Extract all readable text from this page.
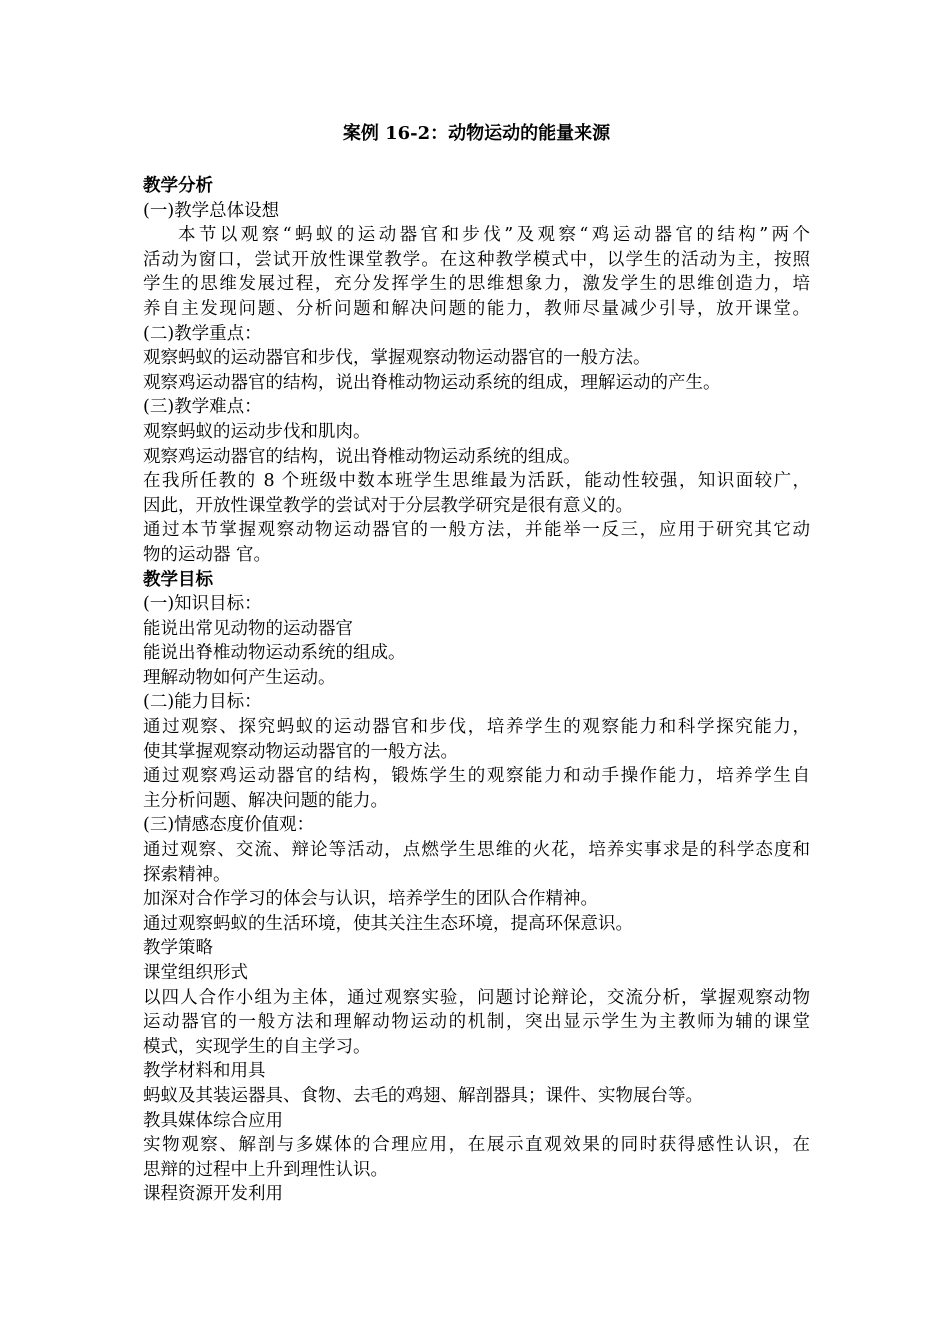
案例 16-2：动物运动的能量来源
教学分析
(一)教学总体设想
本节以观察“蚂蚁的运动器官和步伐”及观察“鸡运动器官的结构”两个
活动为窗口，尝试开放性课堂教学。在这种教学模式中，以学生的活动为主，按照
学生的思维发展过程，充分发挥学生的思维想象力，激发学生的思维创造力，培
养自主发现问题、分析问题和解决问题的能力，教师尽量减少引导，放开课堂。
(二)教学重点：
观察蚂蚁的运动器官和步伐，掌握观察动物运动器官的一般方法。
观察鸡运动器官的结构，说出脊椎动物运动系统的组成，理解运动的产生。
(三)教学难点：
观察蚂蚁的运动步伐和肌肉。
观察鸡运动器官的结构，说出脊椎动物运动系统的组成。
在我所任教的 8 个班级中数本班学生思维最为活跃，能动性较强，知识面较广，
因此，开放性课堂教学的尝试对于分层教学研究是很有意义的。
通过本节掌握观察动物运动器官的一般方法，并能举一反三，应用于研究其它动
物的运动器 官。
教学目标
(一)知识目标：
能说出常见动物的运动器官
能说出脊椎动物运动系统的组成。
理解动物如何产生运动。
(二)能力目标：
通过观察、探究蚂蚁的运动器官和步伐，培养学生的观察能力和科学探究能力，
使其掌握观察动物运动器官的一般方法。
通过观察鸡运动器官的结构，锻炼学生的观察能力和动手操作能力，培养学生自
主分析问题、解决问题的能力。
(三)情感态度价值观：
通过观察、交流、辩论等活动，点燃学生思维的火花，培养实事求是的科学态度和
探索精神。
加深对合作学习的体会与认识，培养学生的团队合作精神。
通过观察蚂蚁的生活环境，使其关注生态环境，提高环保意识。
教学策略
课堂组织形式
以四人合作小组为主体，通过观察实验，问题讨论辩论，交流分析，掌握观察动物
运动器官的一般方法和理解动物运动的机制，突出显示学生为主教师为辅的课堂
模式，实现学生的自主学习。
教学材料和用具
蚂蚁及其装运器具、食物、去毛的鸡翅、解剖器具；课件、实物展台等。
教具媒体综合应用
实物观察、解剖与多媒体的合理应用，在展示直观效果的同时获得感性认识，在
思辩的过程中上升到理性认识。
课程资源开发利用
